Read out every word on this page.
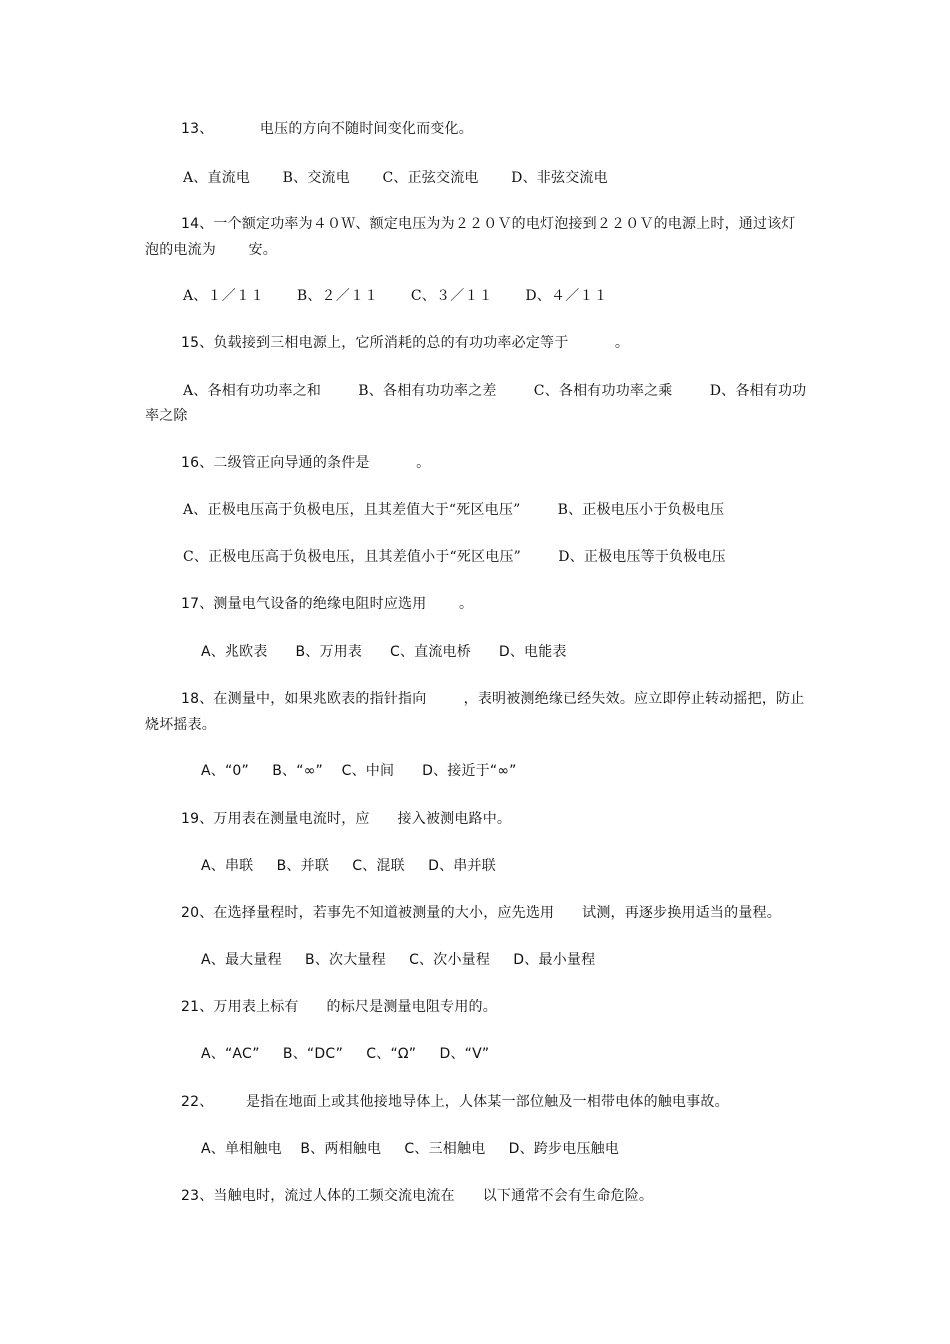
13、          电压的方向不随时间变化而变化。
A、直流电       B、交流电       C、正弦交流电       D、非弦交流电
14、一个额定功率为４０Ｗ、额定电压为为２２０Ｖ的电灯泡接到２２０Ｖ的电源上时，通过该灯
泡的电流为       安。
A、１／１１       B、２／１１       C、３／１１       D、４／１１
15、负载接到三相电源上，它所消耗的总的有功功率必定等于          。
A、各相有功功率之和        B、各相有功功率之差        C、各相有功功率之乘        D、各相有功功
率之除
16、二级管正向导通的条件是          。
A、正极电压高于负极电压，且其差值大于“死区电压”        B、正极电压小于负极电压
C、正极电压高于负极电压，且其差值小于“死区电压”        D、正极电压等于负极电压
17、测量电气设备的绝缘电阻时应选用       。
A、兆欧表      B、万用表      C、直流电桥      D、电能表
18、在测量中，如果兆欧表的指针指向        ，表明被测绝缘已经失效。应立即停止转动摇把，防止
烧坏摇表。
A、“0”     B、“∞”    C、中间      D、接近于“∞”
19、万用表在测量电流时，应      接入被测电路中。
A、串联     B、并联     C、混联     D、串并联
20、在选择量程时，若事先不知道被测量的大小，应先选用      试测，再逐步换用适当的量程。
A、最大量程     B、次大量程     C、次小量程     D、最小量程
21、万用表上标有      的标尺是测量电阻专用的。
A、“AC”     B、“DC”     C、“Ω”     D、“V”
22、       是指在地面上或其他接地导体上，人体某一部位触及一相带电体的触电事故。
A、单相触电    B、两相触电     C、三相触电     D、跨步电压触电
23、当触电时，流过人体的工频交流电流在      以下通常不会有生命危险。
